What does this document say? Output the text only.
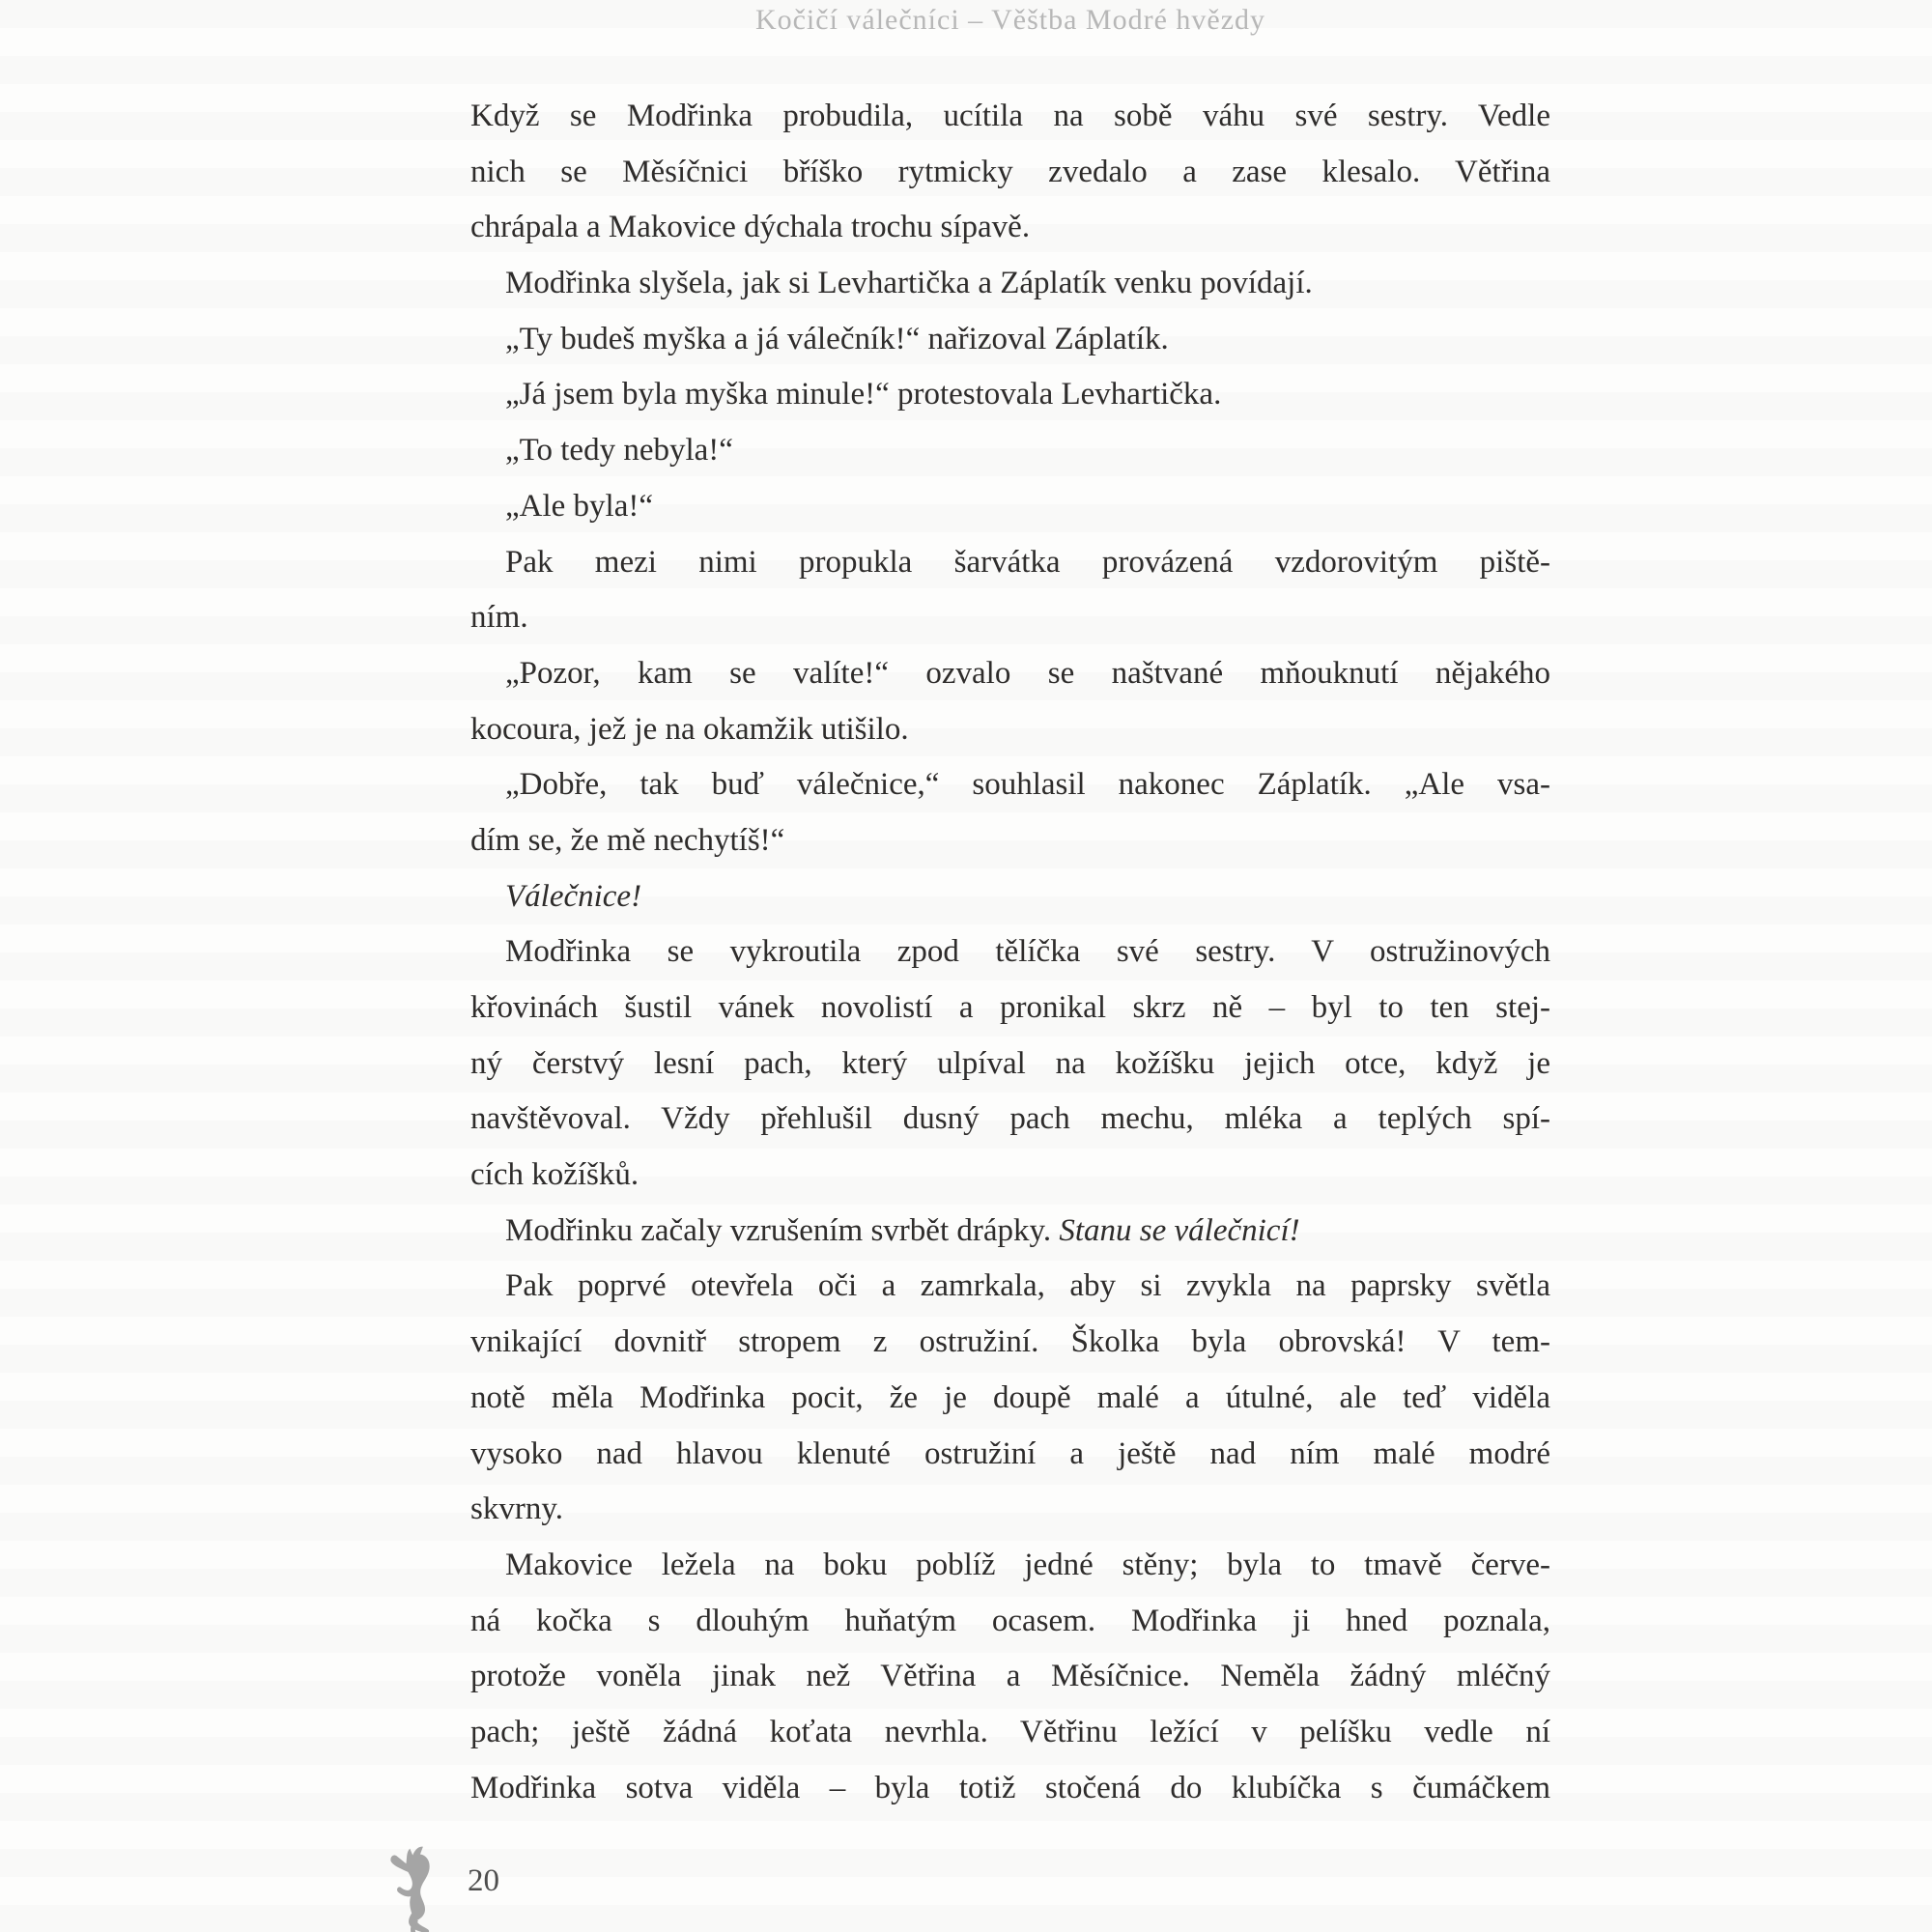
Kočičí válečníci – Věštba Modré hvězdy
Když se Modřinka probudila, ucítila na sobě váhu své sestry. Vedle
nich se Měsíčnici bříško rytmicky zvedalo a zase klesalo. Větřina
chrápala a Makovice dýchala trochu sípavě.
Modřinka slyšela, jak si Levhartička a Záplatík venku povídají.
„Ty budeš myška a já válečník!“ nařizoval Záplatík.
„Já jsem byla myška minule!“ protestovala Levhartička.
„To tedy nebyla!“
„Ale byla!“
Pak mezi nimi propukla šarvátka provázená vzdorovitým piště-
ním.
„Pozor, kam se valíte!“ ozvalo se naštvané mňouknutí nějakého
kocoura, jež je na okamžik utišilo.
„Dobře, tak buď válečnice,“ souhlasil nakonec Záplatík. „Ale vsa-
dím se, že mě nechytíš!“
Válečnice!
Modřinka se vykroutila zpod tělíčka své sestry. V ostružinových
křovinách šustil vánek novolistí a pronikal skrz ně – byl to ten stej-
ný čerstvý lesní pach, který ulpíval na kožíšku jejich otce, když je
navštěvoval. Vždy přehlušil dusný pach mechu, mléka a teplých spí-
cích kožíšků.
Modřinku začaly vzrušením svrbět drápky. Stanu se válečnicí!
Pak poprvé otevřela oči a zamrkala, aby si zvykla na paprsky světla
vnikající dovnitř stropem z ostružiní. Školka byla obrovská! V tem-
notě měla Modřinka pocit, že je doupě malé a útulné, ale teď viděla
vysoko nad hlavou klenuté ostružiní a ještě nad ním malé modré
skvrny.
Makovice ležela na boku poblíž jedné stěny; byla to tmavě červe-
ná kočka s dlouhým huňatým ocasem. Modřinka ji hned poznala,
protože voněla jinak než Větřina a Měsíčnice. Neměla žádný mléčný
pach; ještě žádná koťata nevrhla. Větřinu ležící v pelíšku vedle ní
Modřinka sotva viděla – byla totiž stočená do klubíčka s čumáčkem
20
